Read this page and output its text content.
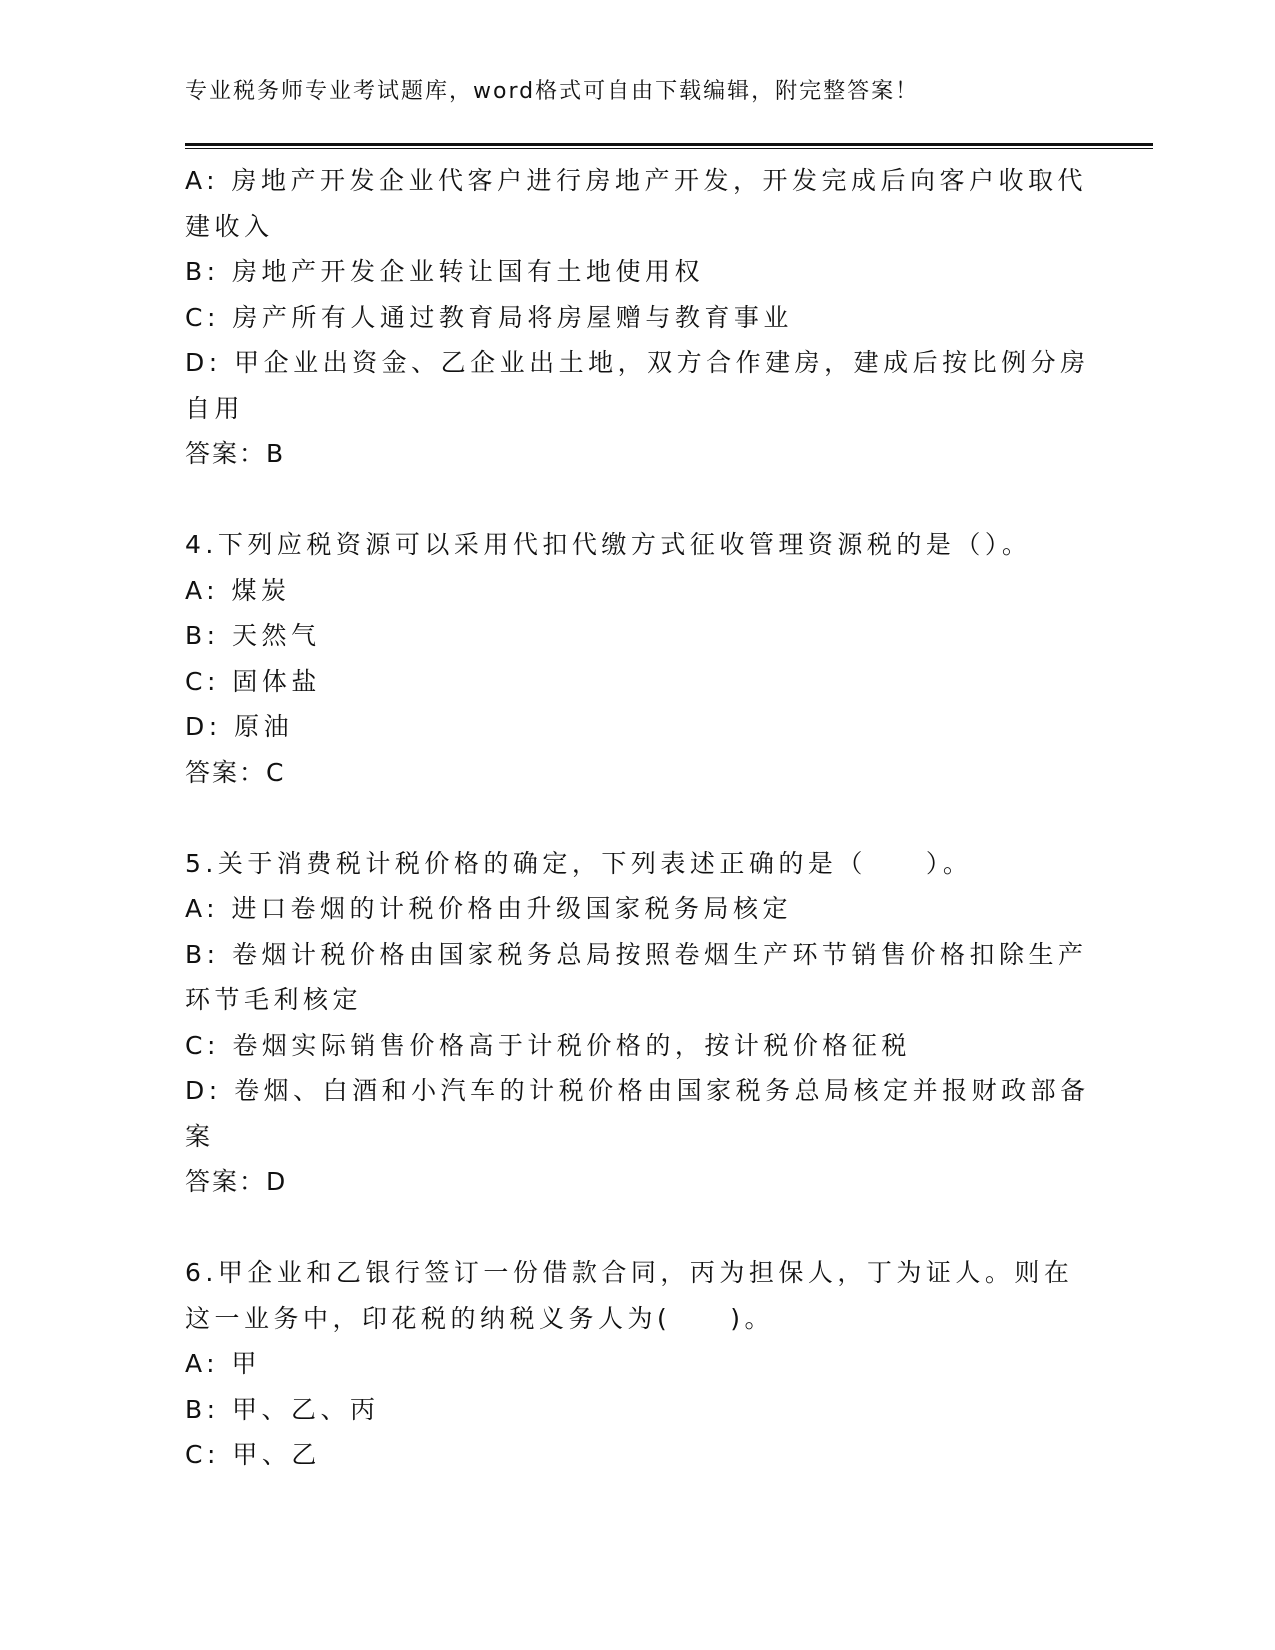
专业税务师专业考试题库，word格式可自由下载编辑，附完整答案！

A: 房地产开发企业代客户进行房地产开发，开发完成后向客户收取代

建收入

B: 房地产开发企业转让国有土地使用权

C: 房产所有人通过教育局将房屋赠与教育事业

D: 甲企业出资金、乙企业出土地，双方合作建房，建成后按比例分房

自用

答案：B

4.下列应税资源可以采用代扣代缴方式征收管理资源税的是（）。

A: 煤炭

B: 天然气

C: 固体盐

D: 原油

答案：C

5.关于消费税计税价格的确定，下列表述正确的是（　　）。

A: 进口卷烟的计税价格由升级国家税务局核定

B: 卷烟计税价格由国家税务总局按照卷烟生产环节销售价格扣除生产

环节毛利核定

C: 卷烟实际销售价格高于计税价格的，按计税价格征税

D: 卷烟、白酒和小汽车的计税价格由国家税务总局核定并报财政部备

案

答案：D

6.甲企业和乙银行签订一份借款合同，丙为担保人，丁为证人。则在

这一业务中，印花税的纳税义务人为(　　)。

A: 甲

B: 甲、乙、丙

C: 甲、乙
